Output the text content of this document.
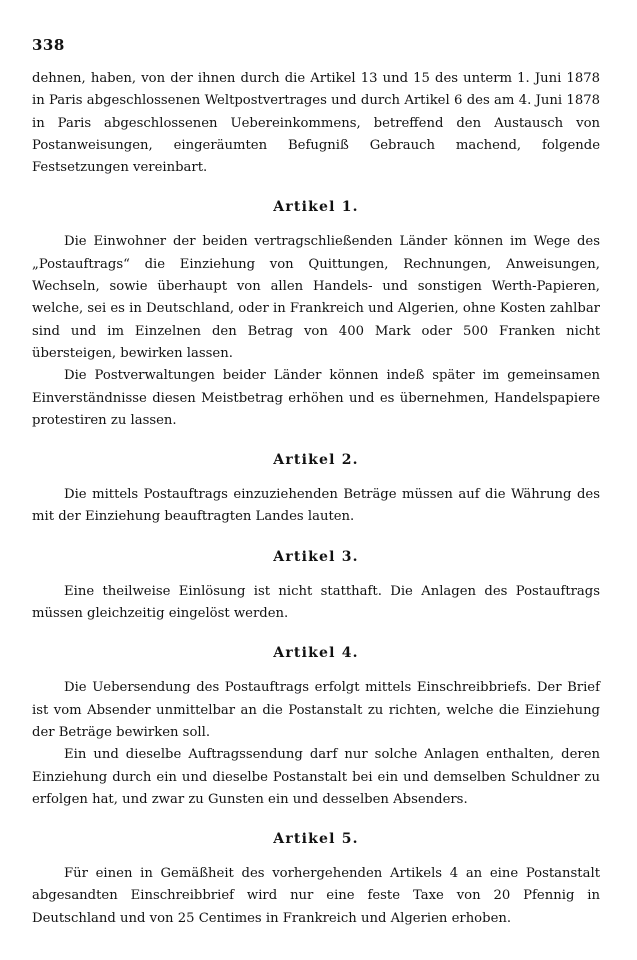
338

dehnen, haben, von der ihnen durch die Artikel 13 und 15 des unterm 1. Juni 1878 in Paris abgeschlossenen Weltpostvertrages und durch Artikel 6 des am 4. Juni 1878 in Paris abgeschlossenen Uebereinkommens, betreffend den Austausch von Postanweisungen, eingeräumten Befugniß Gebrauch machend, folgende Festsetzungen vereinbart.

Artikel 1.

Die Einwohner der beiden vertragschließenden Länder können im Wege des „Postauftrags“ die Einziehung von Quittungen, Rechnungen, Anweisungen, Wechseln, sowie überhaupt von allen Handels- und sonstigen Werth-Papieren, welche, sei es in Deutschland, oder in Frankreich und Algerien, ohne Kosten zahlbar sind und im Einzelnen den Betrag von 400 Mark oder 500 Franken nicht übersteigen, bewirken lassen.

Die Postverwaltungen beider Länder können indeß später im gemeinsamen Einverständnisse diesen Meistbetrag erhöhen und es übernehmen, Handelspapiere protestiren zu lassen.

Artikel 2.

Die mittels Postauftrags einzuziehenden Beträge müssen auf die Währung des mit der Einziehung beauftragten Landes lauten.

Artikel 3.

Eine theilweise Einlösung ist nicht statthaft. Die Anlagen des Postauftrags müssen gleichzeitig eingelöst werden.

Artikel 4.

Die Uebersendung des Postauftrags erfolgt mittels Einschreibbriefs. Der Brief ist vom Absender unmittelbar an die Postanstalt zu richten, welche die Einziehung der Beträge bewirken soll.

Ein und dieselbe Auftragssendung darf nur solche Anlagen enthalten, deren Einziehung durch ein und dieselbe Postanstalt bei ein und demselben Schuldner zu erfolgen hat, und zwar zu Gunsten ein und desselben Absenders.

Artikel 5.

Für einen in Gemäßheit des vorhergehenden Artikels 4 an eine Postanstalt abgesandten Einschreibbrief wird nur eine feste Taxe von 20 Pfennig in Deutschland und von 25 Centimes in Frankreich und Algerien erhoben.
